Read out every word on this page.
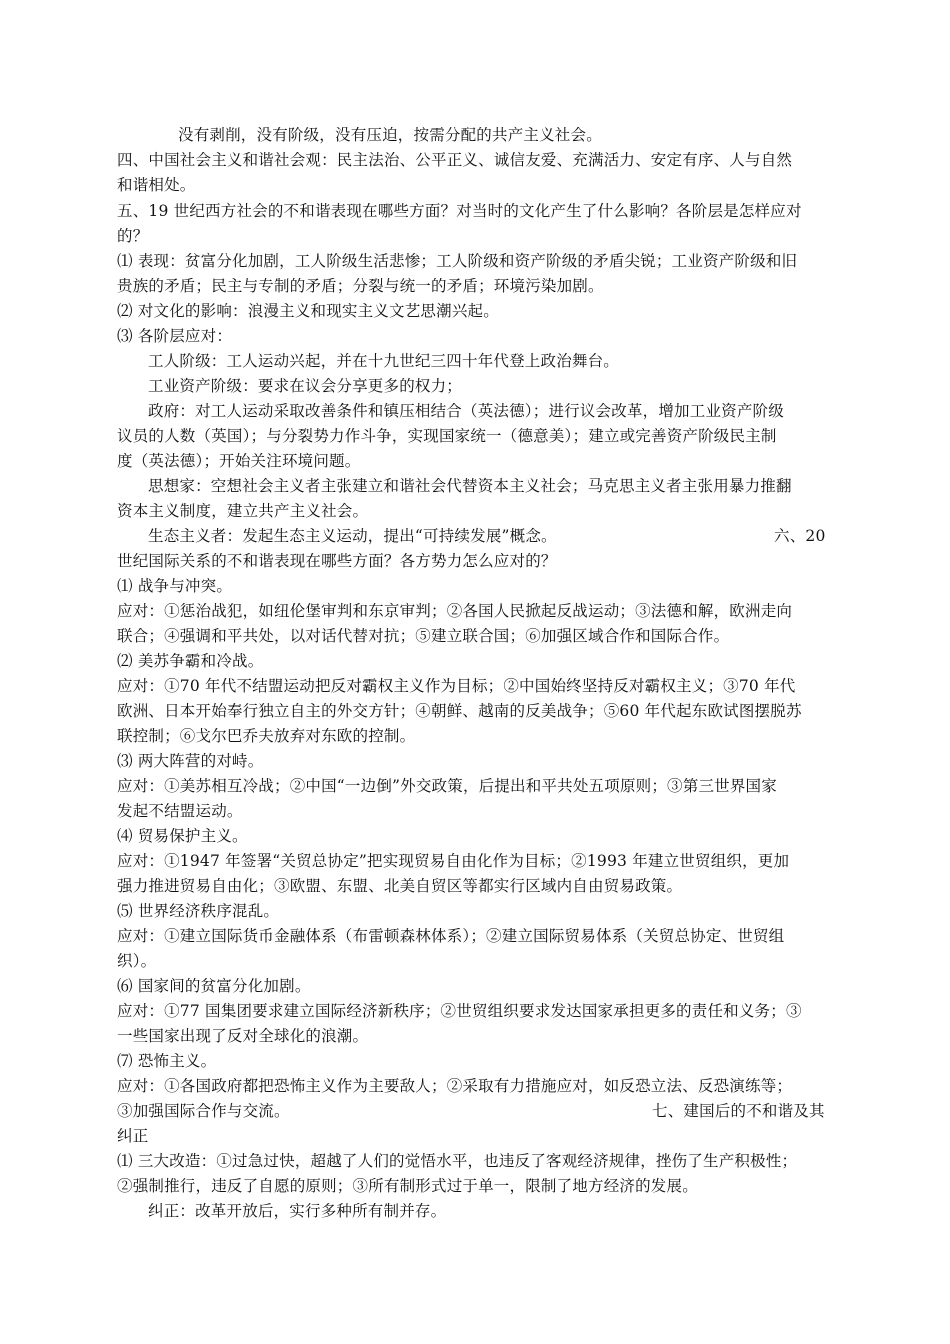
没有剥削，没有阶级，没有压迫，按需分配的共产主义社会。
四、中国社会主义和谐社会观：民主法治、公平正义、诚信友爱、充满活力、安定有序、人与自然
和谐相处。
五、19 世纪西方社会的不和谐表现在哪些方面？对当时的文化产生了什么影响？各阶层是怎样应对
的？
⑴ 表现：贫富分化加剧，工人阶级生活悲惨；工人阶级和资产阶级的矛盾尖锐；工业资产阶级和旧
贵族的矛盾；民主与专制的矛盾；分裂与统一的矛盾；环境污染加剧。
⑵ 对文化的影响：浪漫主义和现实主义文艺思潮兴起。
⑶ 各阶层应对：
工人阶级：工人运动兴起，并在十九世纪三四十年代登上政治舞台。
工业资产阶级：要求在议会分享更多的权力；
政府：对工人运动采取改善条件和镇压相结合（英法德）；进行议会改革，增加工业资产阶级
议员的人数（英国）；与分裂势力作斗争，实现国家统一（德意美）；建立或完善资产阶级民主制
度（英法德）；开始关注环境问题。
思想家：空想社会主义者主张建立和谐社会代替资本主义社会；马克思主义者主张用暴力推翻
资本主义制度，建立共产主义社会。
生态主义者：发起生态主义运动，提出“可持续发展”概念。	六、20
世纪国际关系的不和谐表现在哪些方面？各方势力怎么应对的？
⑴ 战争与冲突。
应对：①惩治战犯，如纽伦堡审判和东京审判；②各国人民掀起反战运动；③法德和解，欧洲走向
联合；④强调和平共处，以对话代替对抗；⑤建立联合国；⑥加强区域合作和国际合作。
⑵ 美苏争霸和冷战。
应对：①70 年代不结盟运动把反对霸权主义作为目标；②中国始终坚持反对霸权主义；③70 年代
欧洲、日本开始奉行独立自主的外交方针；④朝鲜、越南的反美战争；⑤60 年代起东欧试图摆脱苏
联控制；⑥戈尔巴乔夫放弃对东欧的控制。
⑶ 两大阵营的对峙。
应对：①美苏相互冷战；②中国“一边倒”外交政策，后提出和平共处五项原则；③第三世界国家
发起不结盟运动。
⑷ 贸易保护主义。
应对：①1947 年签署“关贸总协定”把实现贸易自由化作为目标；②1993 年建立世贸组织，更加
强力推进贸易自由化；③欧盟、东盟、北美自贸区等都实行区域内自由贸易政策。
⑸ 世界经济秩序混乱。
应对：①建立国际货币金融体系（布雷顿森林体系）；②建立国际贸易体系（关贸总协定、世贸组
织）。
⑹ 国家间的贫富分化加剧。
应对：①77 国集团要求建立国际经济新秩序；②世贸组织要求发达国家承担更多的责任和义务；③
一些国家出现了反对全球化的浪潮。
⑺ 恐怖主义。
应对：①各国政府都把恐怖主义作为主要敌人；②采取有力措施应对，如反恐立法、反恐演练等；
③加强国际合作与交流。	七、建国后的不和谐及其
纠正
⑴ 三大改造：①过急过快，超越了人们的觉悟水平，也违反了客观经济规律，挫伤了生产积极性；
②强制推行，违反了自愿的原则；③所有制形式过于单一，限制了地方经济的发展。
纠正：改革开放后，实行多种所有制并存。
